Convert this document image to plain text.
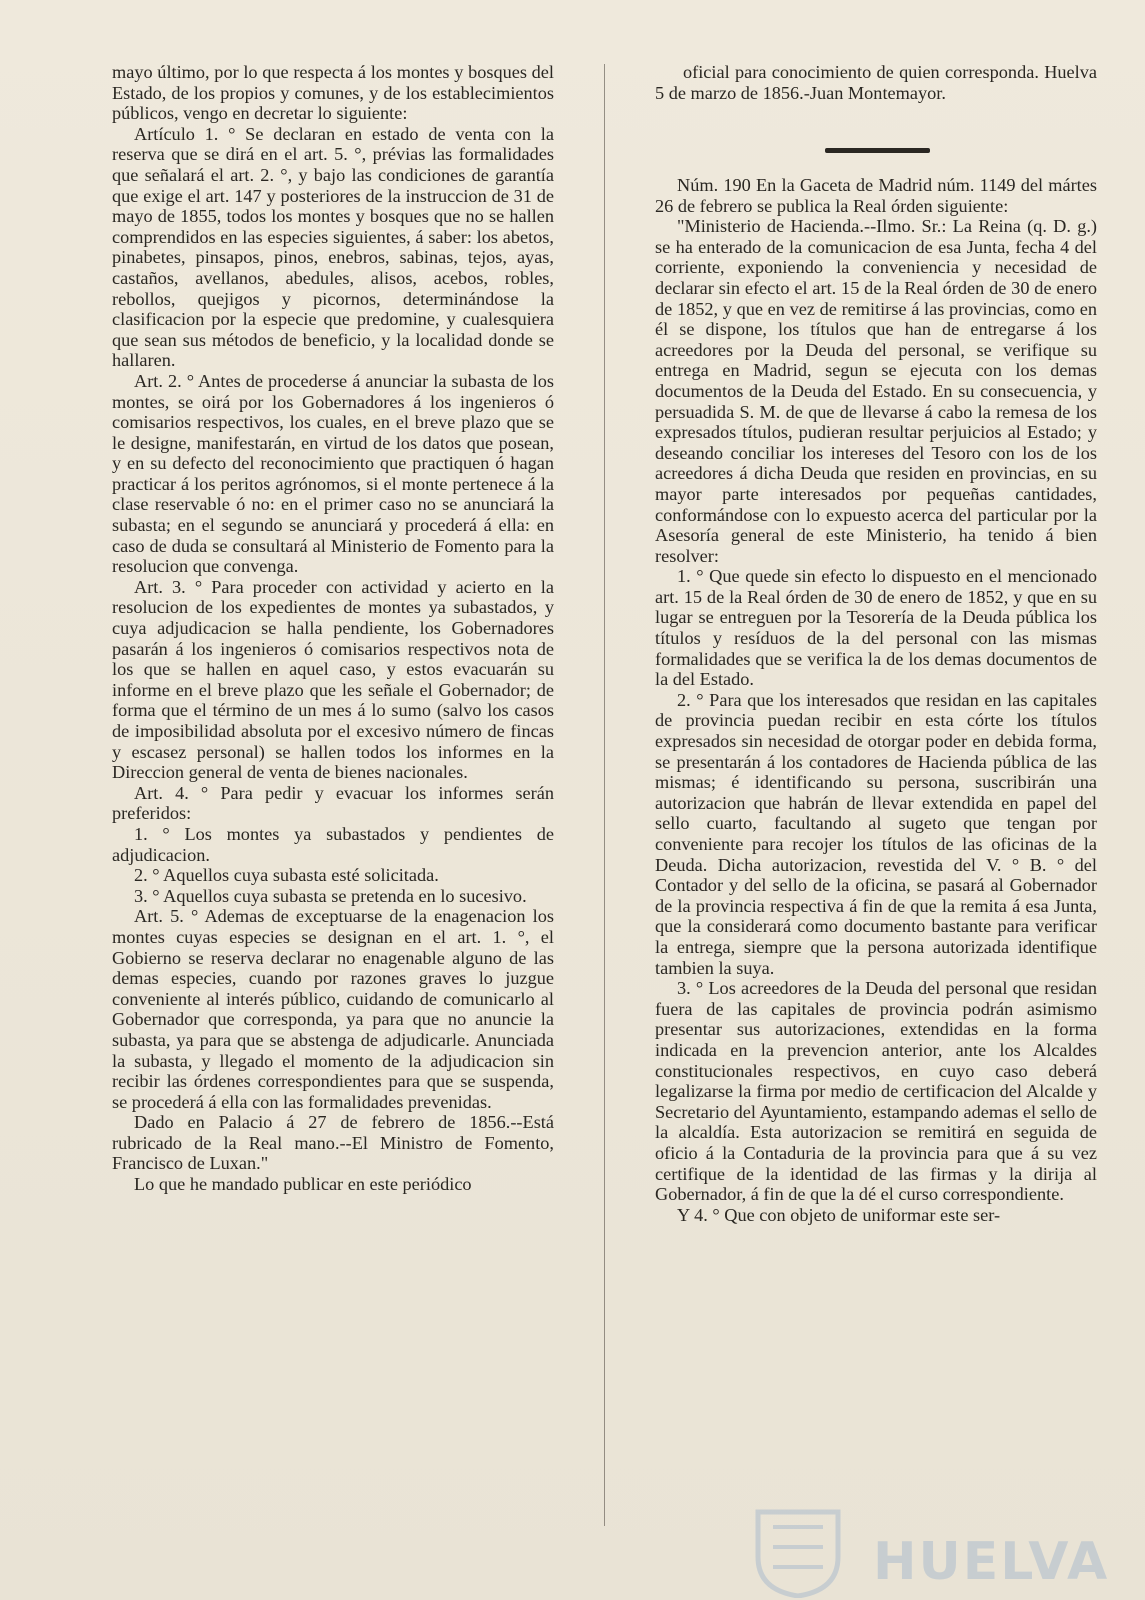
mayo último, por lo que respecta á los montes y bosques del Estado, de los propios y comunes, y de los establecimientos públicos, vengo en decretar lo siguiente:

Artículo 1. ° Se declaran en estado de venta con la reserva que se dirá en el art. 5. °, prévias las formalidades que señalará el art. 2. °, y bajo las condiciones de garantía que exige el art. 147 y posteriores de la instruccion de 31 de mayo de 1855, todos los montes y bosques que no se hallen comprendidos en las especies siguientes, á saber: los abetos, pinabetes, pinsapos, pinos, enebros, sabinas, tejos, ayas, castaños, avellanos, abedules, alisos, acebos, robles, rebollos, quejigos y picornos, determinándose la clasificacion por la especie que predomine, y cualesquiera que sean sus métodos de beneficio, y la localidad donde se hallaren.

Art. 2. ° Antes de procederse á anunciar la subasta de los montes, se oirá por los Gobernadores á los ingenieros ó comisarios respectivos, los cuales, en el breve plazo que se le designe, manifestarán, en virtud de los datos que posean, y en su defecto del reconocimiento que practiquen ó hagan practicar á los peritos agrónomos, si el monte pertenece á la clase reservable ó no: en el primer caso no se anunciará la subasta; en el segundo se anunciará y procederá á ella: en caso de duda se consultará al Ministerio de Fomento para la resolucion que convenga.

Art. 3. ° Para proceder con actividad y acierto en la resolucion de los expedientes de montes ya subastados, y cuya adjudicacion se halla pendiente, los Gobernadores pasarán á los ingenieros ó comisarios respectivos nota de los que se hallen en aquel caso, y estos evacuarán su informe en el breve plazo que les señale el Gobernador; de forma que el término de un mes á lo sumo (salvo los casos de imposibilidad absoluta por el excesivo número de fincas y escasez personal) se hallen todos los informes en la Direccion general de venta de bienes nacionales.

Art. 4. ° Para pedir y evacuar los informes serán preferidos:

1. ° Los montes ya subastados y pendientes de adjudicacion.

2. ° Aquellos cuya subasta esté solicitada.

3. ° Aquellos cuya subasta se pretenda en lo sucesivo.

Art. 5. ° Ademas de exceptuarse de la enagenacion los montes cuyas especies se designan en el art. 1. °, el Gobierno se reserva declarar no enagenable alguno de las demas especies, cuando por razones graves lo juzgue conveniente al interés público, cuidando de comunicarlo al Gobernador que corresponda, ya para que no anuncie la subasta, ya para que se abstenga de adjudicarle. Anunciada la subasta, y llegado el momento de la adjudicacion sin recibir las órdenes correspondientes para que se suspenda, se procederá á ella con las formalidades prevenidas.

Dado en Palacio á 27 de febrero de 1856.--Está rubricado de la Real mano.--El Ministro de Fomento, Francisco de Luxan."

Lo que he mandado publicar en este periódico

oficial para conocimiento de quien corresponda. Huelva 5 de marzo de 1856.-Juan Montemayor.

Núm. 190 En la Gaceta de Madrid núm. 1149 del mártes 26 de febrero se publica la Real órden siguiente:

"Ministerio de Hacienda.--Ilmo. Sr.: La Reina (q. D. g.) se ha enterado de la comunicacion de esa Junta, fecha 4 del corriente, exponiendo la conveniencia y necesidad de declarar sin efecto el art. 15 de la Real órden de 30 de enero de 1852, y que en vez de remitirse á las provincias, como en él se dispone, los títulos que han de entregarse á los acreedores por la Deuda del personal, se verifique su entrega en Madrid, segun se ejecuta con los demas documentos de la Deuda del Estado. En su consecuencia, y persuadida S. M. de que de llevarse á cabo la remesa de los expresados títulos, pudieran resultar perjuicios al Estado; y deseando conciliar los intereses del Tesoro con los de los acreedores á dicha Deuda que residen en provincias, en su mayor parte interesados por pequeñas cantidades, conformándose con lo expuesto acerca del particular por la Asesoría general de este Ministerio, ha tenido á bien resolver:

1. ° Que quede sin efecto lo dispuesto en el mencionado art. 15 de la Real órden de 30 de enero de 1852, y que en su lugar se entreguen por la Tesorería de la Deuda pública los títulos y resíduos de la del personal con las mismas formalidades que se verifica la de los demas documentos de la del Estado.

2. ° Para que los interesados que residan en las capitales de provincia puedan recibir en esta córte los títulos expresados sin necesidad de otorgar poder en debida forma, se presentarán á los contadores de Hacienda pública de las mismas; é identificando su persona, suscribirán una autorizacion que habrán de llevar extendida en papel del sello cuarto, facultando al sugeto que tengan por conveniente para recojer los títulos de las oficinas de la Deuda. Dicha autorizacion, revestida del V. ° B. ° del Contador y del sello de la oficina, se pasará al Gobernador de la provincia respectiva á fin de que la remita á esa Junta, que la considerará como documento bastante para verificar la entrega, siempre que la persona autorizada identifique tambien la suya.

3. ° Los acreedores de la Deuda del personal que residan fuera de las capitales de provincia podrán asimismo presentar sus autorizaciones, extendidas en la forma indicada en la prevencion anterior, ante los Alcaldes constitucionales respectivos, en cuyo caso deberá legalizarse la firma por medio de certificacion del Alcalde y Secretario del Ayuntamiento, estampando ademas el sello de la alcaldía. Esta autorizacion se remitirá en seguida de oficio á la Contaduria de la provincia para que á su vez certifique de la identidad de las firmas y la dirija al Gobernador, á fin de que la dé el curso correspondiente.

Y 4. ° Que con objeto de uniformar este ser-

HUELVA
